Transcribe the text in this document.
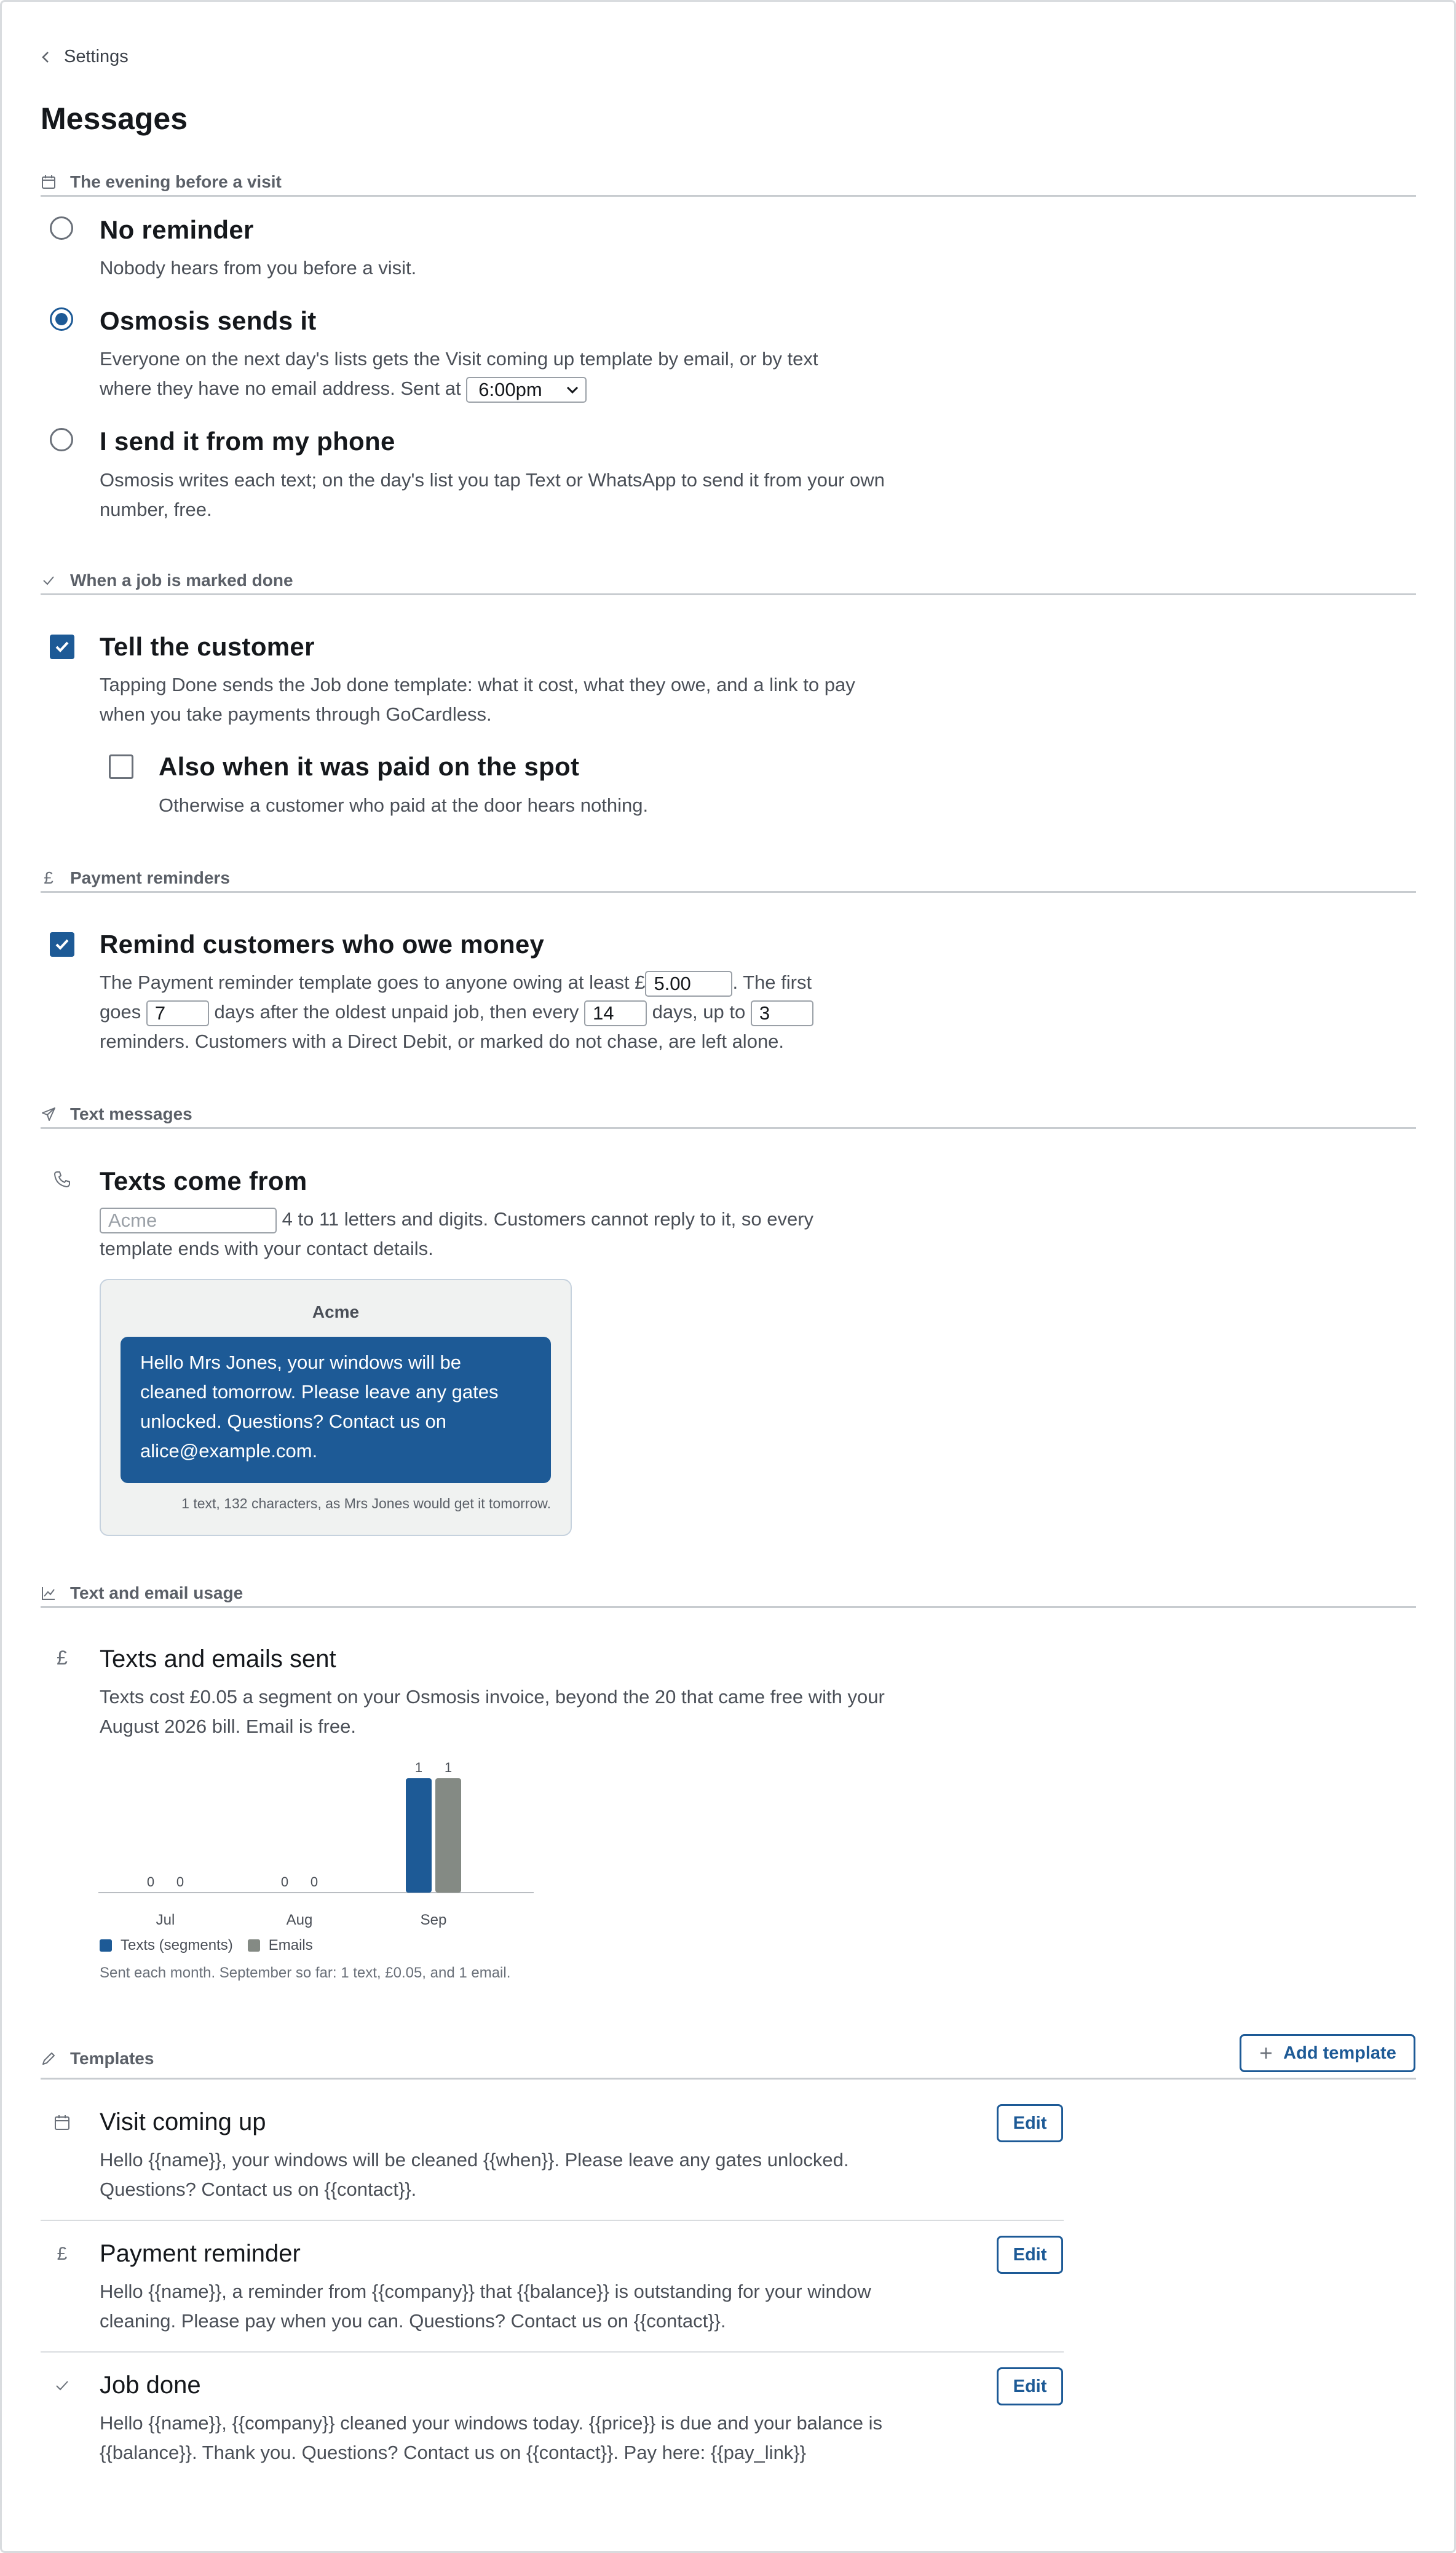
Settings
Messages
The evening before a visit
No reminder
Nobody hears from you before a visit.
Osmosis sends it
Everyone on the next day's lists gets the Visit coming up template by email, or by text
where they have no email address. Sent at 6:00pm
I send it from my phone
Osmosis writes each text; on the day's list you tap Text or WhatsApp to send it from your own number, free.
When a job is marked done
Tell the customer
Tapping Done sends the Job done template: what it cost, what they owe, and a link to pay when you take payments through GoCardless.
Also when it was paid on the spot
Otherwise a customer who paid at the door hears nothing.
£ Payment reminders
Remind customers who owe money
The Payment reminder template goes to anyone owing at least £ 5.00 . The first
goes 7	days after the oldest unpaid job, then every 14 days, up to 3
reminders. Customers with a Direct Debit, or marked do not chase, are left alone.
Text messages
Texts come from
Acme	4 to 11 letters and digits. Customers cannot reply to it, so every
template ends with your contact details.
Acme
Hello Mrs Jones, your windows will be cleaned tomorrow. Please leave any gates unlocked. Questions? Contact us on alice@example.com.
1 text, 132 characters, as Mrs Jones would get it tomorrow.
Text and email usage
£ Texts and emails sent
Texts cost £0.05 a segment on your Osmosis invoice, beyond the 20 that came free with your August 2026 bill. Email is free.
0 0
Jul
0 0
Aug
1 1
Sep
Texts (segments) Emails
Sent each month. September so far: 1 text, £0.05, and 1 email.
Templates	Add template
Visit coming up	Edit
Hello {{name}}, your windows will be cleaned {{when}}. Please leave any gates unlocked. Questions? Contact us on {{contact}}.
£ Payment reminder	Edit
Hello {{name}}, a reminder from {{company}} that {{balance}} is outstanding for your window cleaning. Please pay when you can. Questions? Contact us on {{contact}}.
Job done	Edit
Hello {{name}}, {{company}} cleaned your windows today. {{price}} is due and your balance is {{balance}}. Thank you. Questions? Contact us on {{contact}}. Pay here: {{pay_link}}
